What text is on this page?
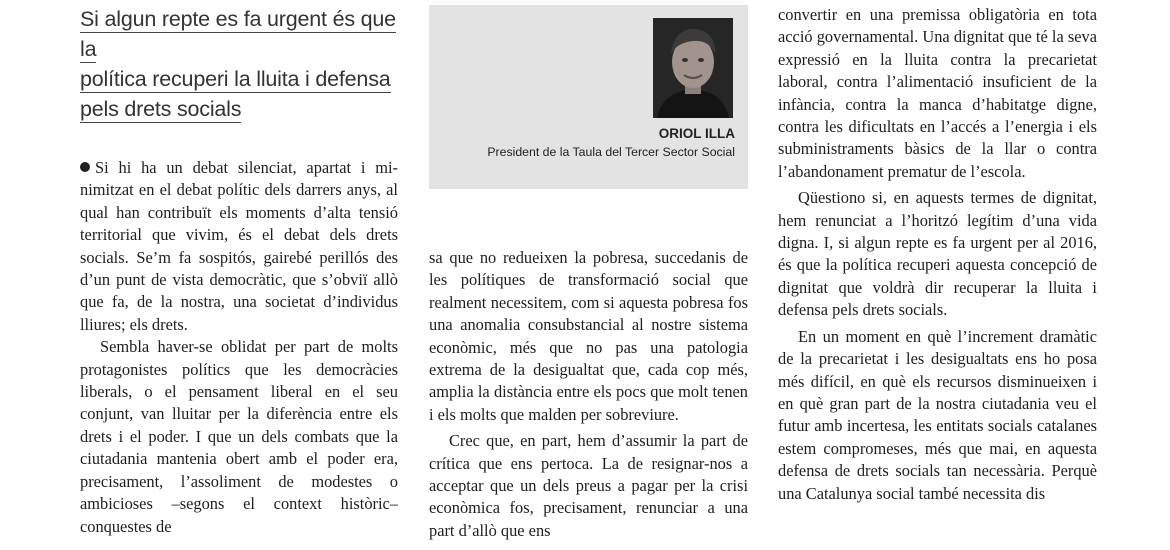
Si algun repte es fa urgent és que la
política recuperi la lluita i defensa
pels drets socials

Si hi ha un debat silenciat, apartat i minimitzat en el debat polític dels darrers anys, al qual han contribuït els moments d’alta tensió territorial que vivim, és el debat dels drets socials. Se’m fa sospitós, gairebé perillós des d’un punt de vista democràtic, que s’obviï allò que fa, de la nostra, una societat d’individus lliures; els drets.

Sembla haver-se oblidat per part de molts protagonistes polítics que les democràcies liberals, o el pensament liberal en el seu conjunt, van lluitar per la diferència entre els drets i el poder. I que un dels combats que la ciutadania mantenia obert amb el poder era, precisament, l’assoliment de modestes o ambicioses –segons el context històric– conquestes de

ORIOL ILLA

President de la Taula del Tercer Sector Social

sa que no redueixen la pobresa, succedanis de les polítiques de transformació social que realment necessitem, com si aquesta pobresa fos una anomalia consubstancial al nostre sistema econòmic, més que no pas una patologia extrema de la desigualtat que, cada cop més, amplia la distància entre els pocs que molt tenen i els molts que malden per sobreviure.

Crec que, en part, hem d’assumir la part de crítica que ens pertoca. La de resignar-nos a acceptar que un dels preus a pagar per la crisi econòmica fos, precisament, renunciar a una part d’allò que ens

convertir en una premissa obligatòria en tota acció governamental. Una dignitat que té la seva expressió en la lluita contra la precarietat laboral, contra l’alimentació insuficient de la infància, contra la manca d’habitatge digne, contra les dificultats en l’accés a l’energia i els subministraments bàsics de la llar o contra l’abandonament prematur de l’escola.

Qüestiono si, en aquests termes de dignitat, hem renunciat a l’horitzó legítim d’una vida digna. I, si algun repte es fa urgent per al 2016, és que la política recuperi aquesta concepció de dignitat que voldrà dir recuperar la lluita i defensa pels drets socials.

En un moment en què l’increment dramàtic de la precarietat i les desigualtats ens ho posa més difícil, en què els recursos disminueixen i en què gran part de la nostra ciutadania veu el futur amb incertesa, les entitats socials catalanes estem compromeses, més que mai, en aquesta defensa de drets socials tan necessària. Perquè una Catalunya social també necessita dis
